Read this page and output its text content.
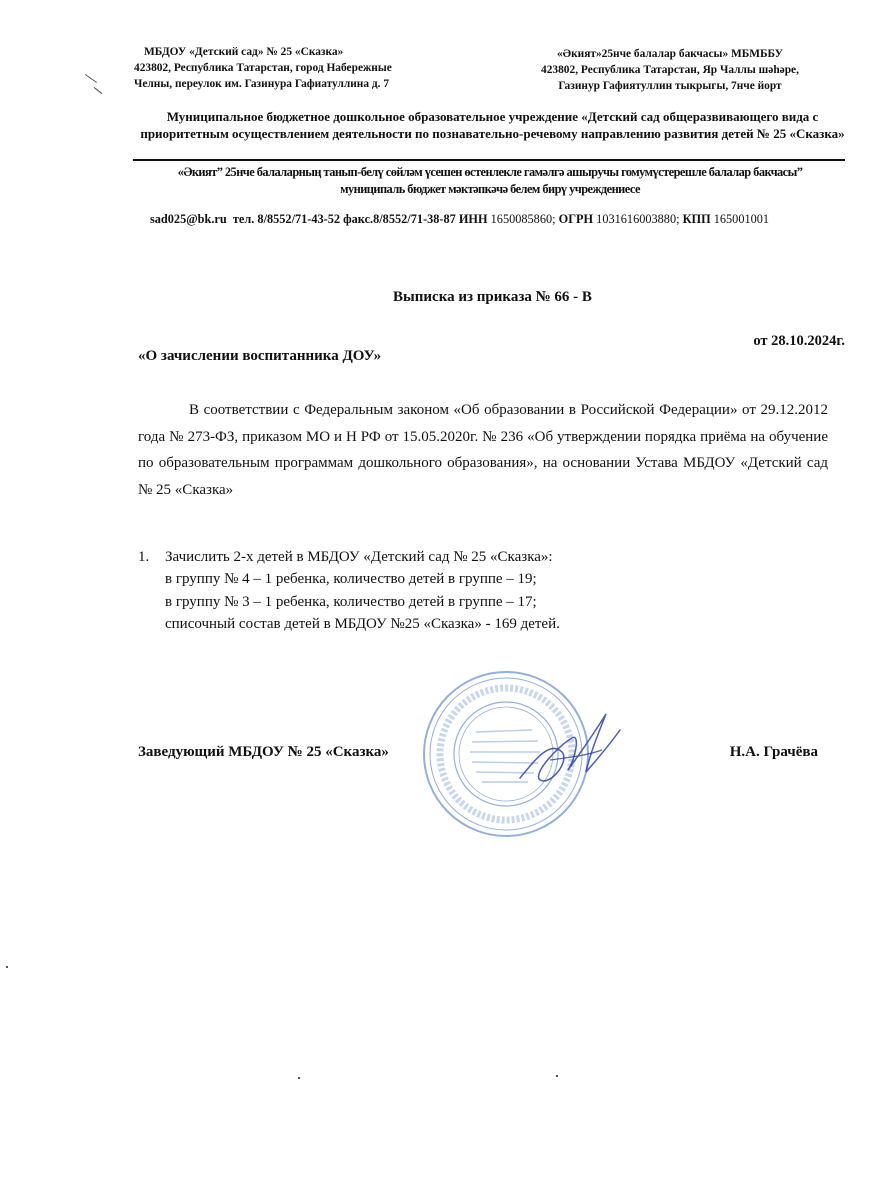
МБДОУ «Детский сад» № 25 «Сказка»
423802, Республика Татарстан, город Набережные
Челны, переулок им. Газинура Гафиатуллина д. 7
«Әкият»25нче балалар бакчасы» МБМББУ
423802, Республика Татарстан, Яр Чаллы шәһәре,
Газинур Гафиятуллин тыкрыгы, 7нче йорт
Муниципальное бюджетное дошкольное образовательное учреждение «Детский сад общеразвивающего вида с приоритетным осуществлением деятельности по познавательно-речевому направлению развития детей № 25 «Сказка»
«Әкият” 25нче балаларның танып-белү сөйләм үсешен өстенлекле гамәлгә ашыручы гомумүстерешле балалар бакчасы” муниципаль бюджет мәктәпкәчә белем бирү учреждениесе
sad025@bk.ru тел. 8/8552/71-43-52 факс.8/8552/71-38-87 ИНН 1650085860; ОГРН 1031616003880; КПП 165001001
Выписка из приказа № 66 - В
от 28.10.2024г.
«О зачислении воспитанника ДОУ»
В соответствии с Федеральным законом «Об образовании в Российской Федерации» от 29.12.2012 года № 273-ФЗ, приказом МО и Н РФ от 15.05.2020г. № 236 «Об утверждении порядка приёма на обучение по образовательным программам дошкольного образования», на основании Устава МБДОУ «Детский сад № 25 «Сказка»
1. Зачислить 2-х детей в МБДОУ «Детский сад № 25 «Сказка»:
в группу № 4 – 1 ребенка, количество детей в группе – 19;
в группу № 3 – 1 ребенка, количество детей в группе – 17;
списочный состав детей в МБДОУ №25 «Сказка» - 169 детей.
Заведующий МБДОУ № 25 «Сказка»	Н.А. Грачёва
